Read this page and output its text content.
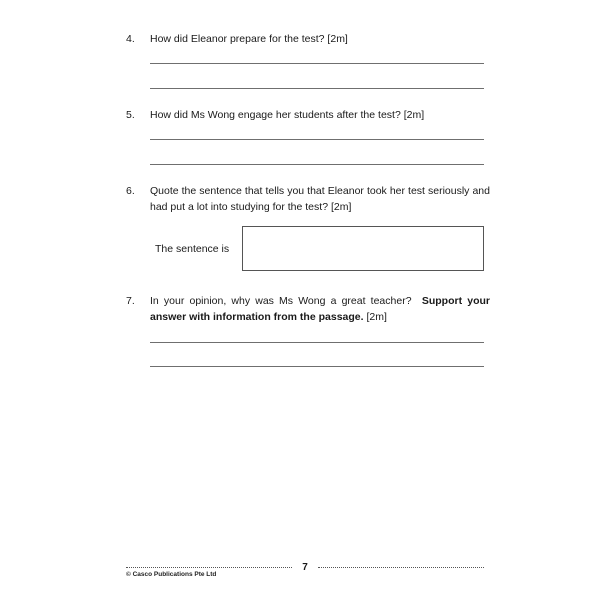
4. How did Eleanor prepare for the test? [2m]
5. How did Ms Wong engage her students after the test? [2m]
6. Quote the sentence that tells you that Eleanor took her test seriously and had put a lot into studying for the test? [2m]
The sentence is
7. In your opinion, why was Ms Wong a great teacher? Support your answer with information from the passage. [2m]
7
© Casco Publications Pte Ltd
